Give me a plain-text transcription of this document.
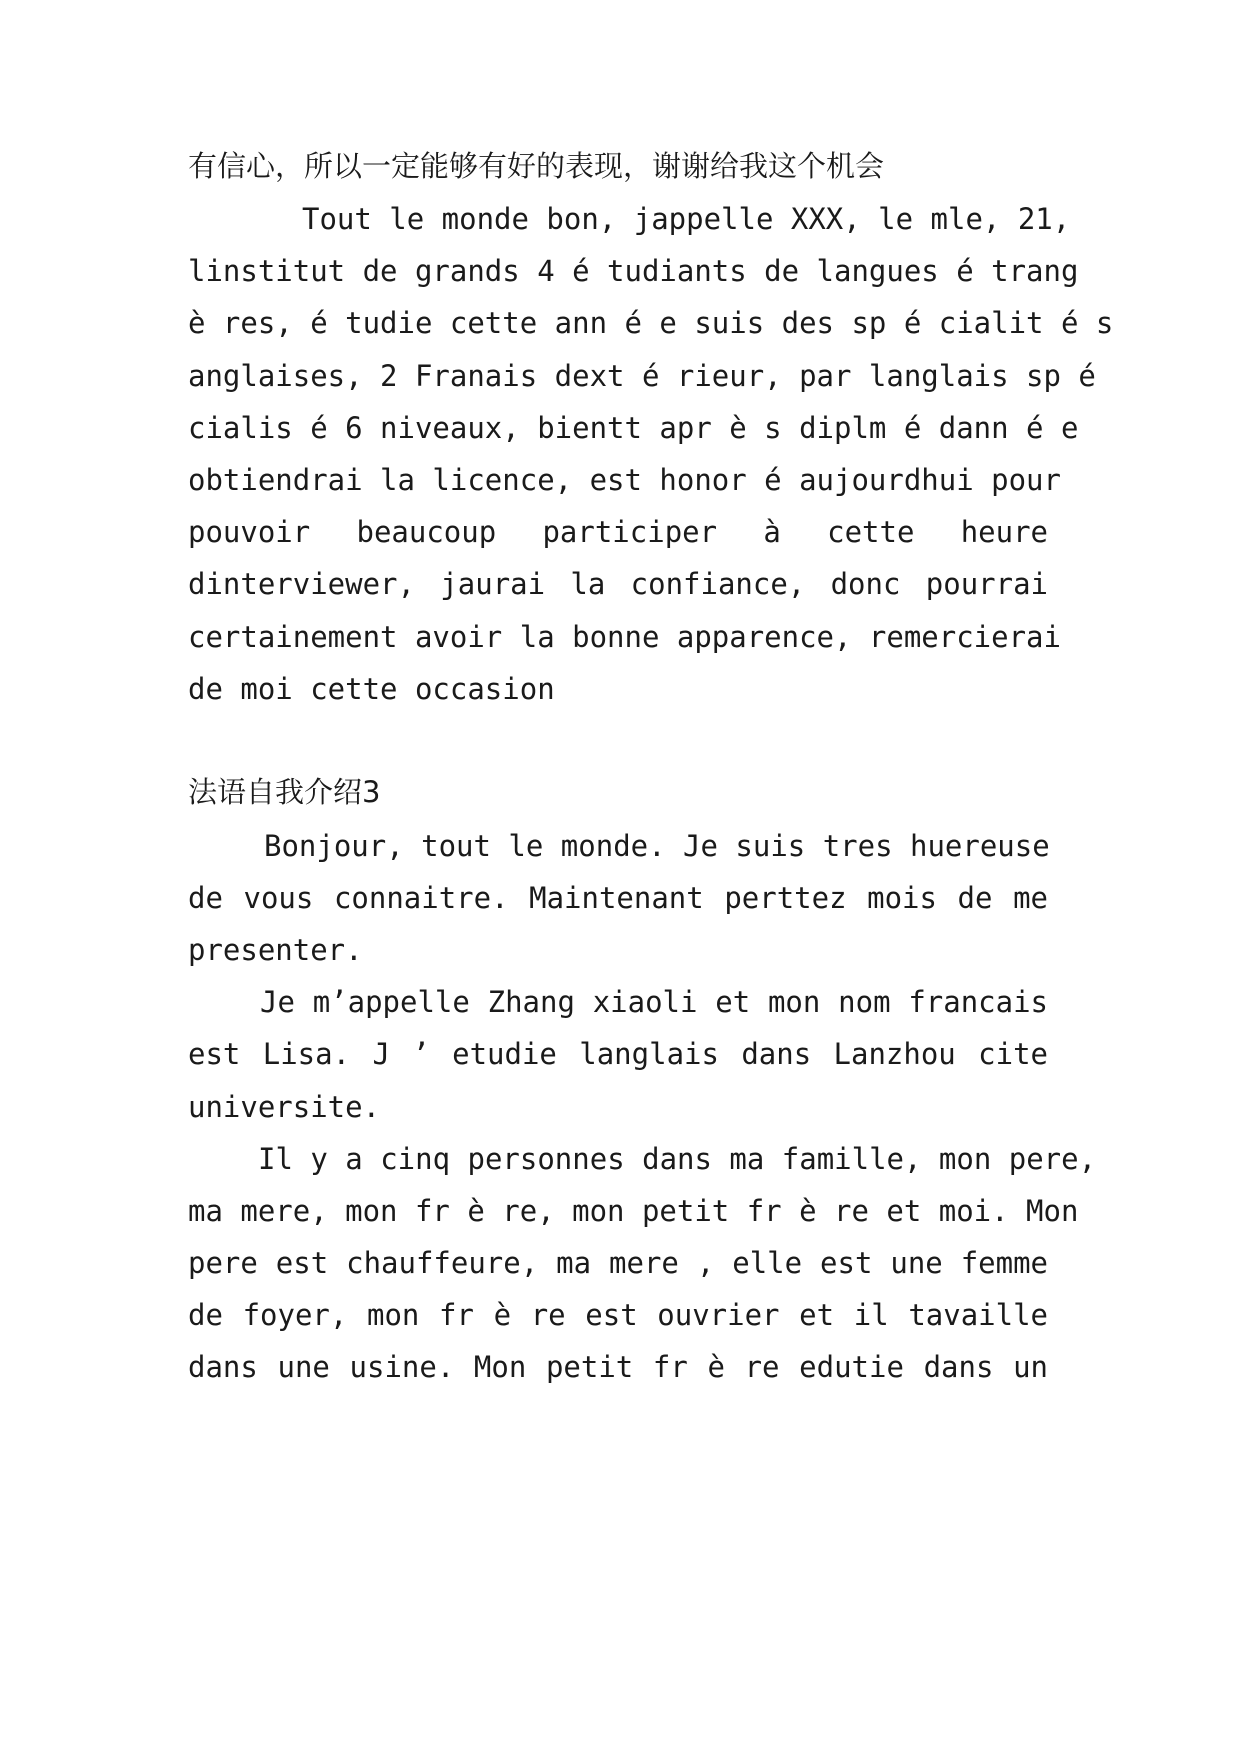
有信心，所以一定能够有好的表现，谢谢给我这个机会
Tout le monde bon, jappelle XXX, le mle, 21,
linstitut de grands 4 é tudiants de langues é trang
è res, é tudie cette ann é e suis des sp é cialit é s
anglaises, 2 Franais dext é rieur, par langlais sp é
cialis é 6 niveaux, bientt apr è s diplm é dann é e
obtiendrai la licence, est honor é aujourdhui pour
pouvoir beaucoup participer à cette heure
dinterviewer, jaurai la confiance, donc pourrai
certainement avoir la bonne apparence, remercierai
de moi cette occasion
法语自我介绍3
Bonjour, tout le monde. Je suis tres huereuse
de vous connaitre. Maintenant perttez mois de me
presenter.
Je m’appelle Zhang xiaoli et mon nom francais
est Lisa. J ’ etudie langlais dans Lanzhou cite
universite.
Il y a cinq personnes dans ma famille, mon pere,
ma mere, mon fr è re, mon petit fr è re et moi. Mon
pere est chauffeure, ma mere , elle est une femme
de foyer, mon fr è re est ouvrier et il tavaille
dans une usine. Mon petit fr è re edutie dans un
